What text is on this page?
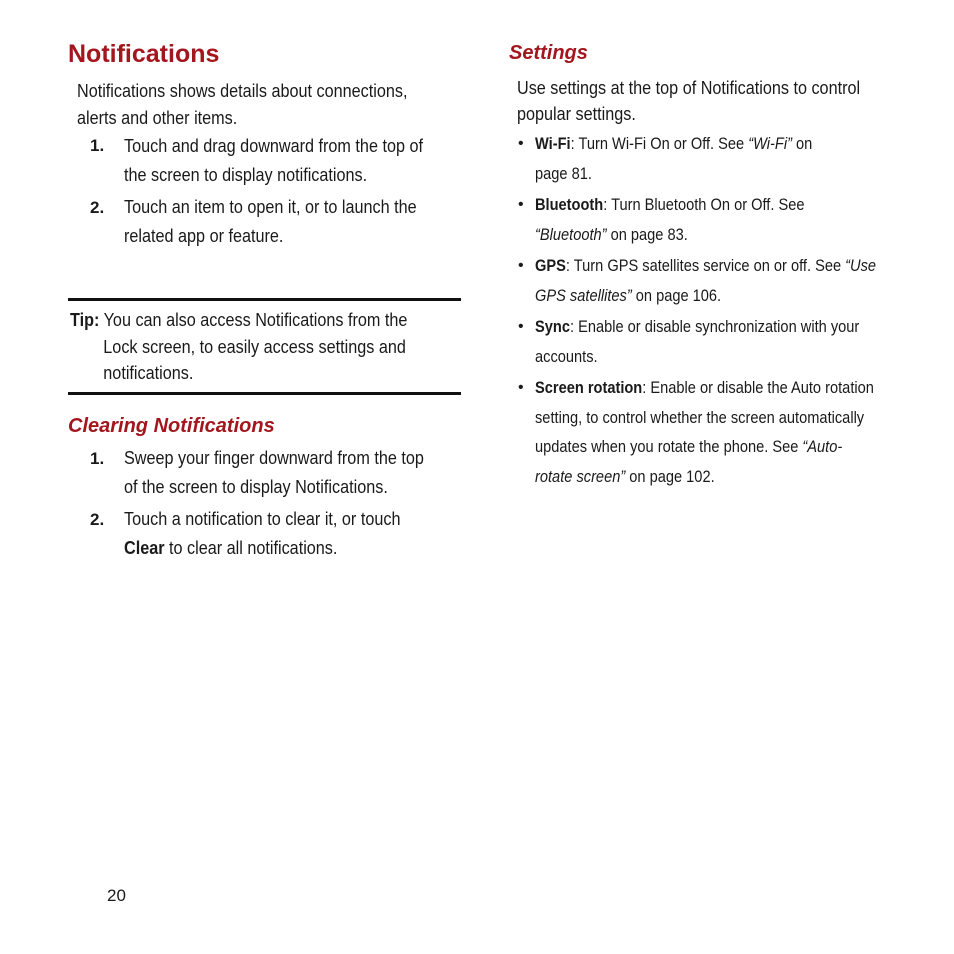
Notifications

Notifications shows details about connections,
alerts and other items.

1. Touch and drag downward from the top of
the screen to display notifications.

2. Touch an item to open it, or to launch the
related app or feature.

Tip: You can also access Notifications from the
Lock screen, to easily access settings and
notifications.

Clearing Notifications
1. Sweep your finger downward from the top
of the screen to display Notifications.

2. Touch a notification to clear it, or touch
Clear to clear all notifications.

Settings

Use settings at the top of Notifications to control
popular settings.

• Wi-Fi: Turn Wi-Fi On or Off. See “Wi-Fi” on
page 81.

• Bluetooth: Turn Bluetooth On or Off. See
“Bluetooth” on page 83.

• GPS: Turn GPS satellites service on or off. See “Use
GPS satellites” on page 106.

• Sync: Enable or disable synchronization with your
accounts.

• Screen rotation: Enable or disable the Auto rotation
setting, to control whether the screen automatically
updates when you rotate the phone. See “Auto-
rotate screen” on page 102.

20
